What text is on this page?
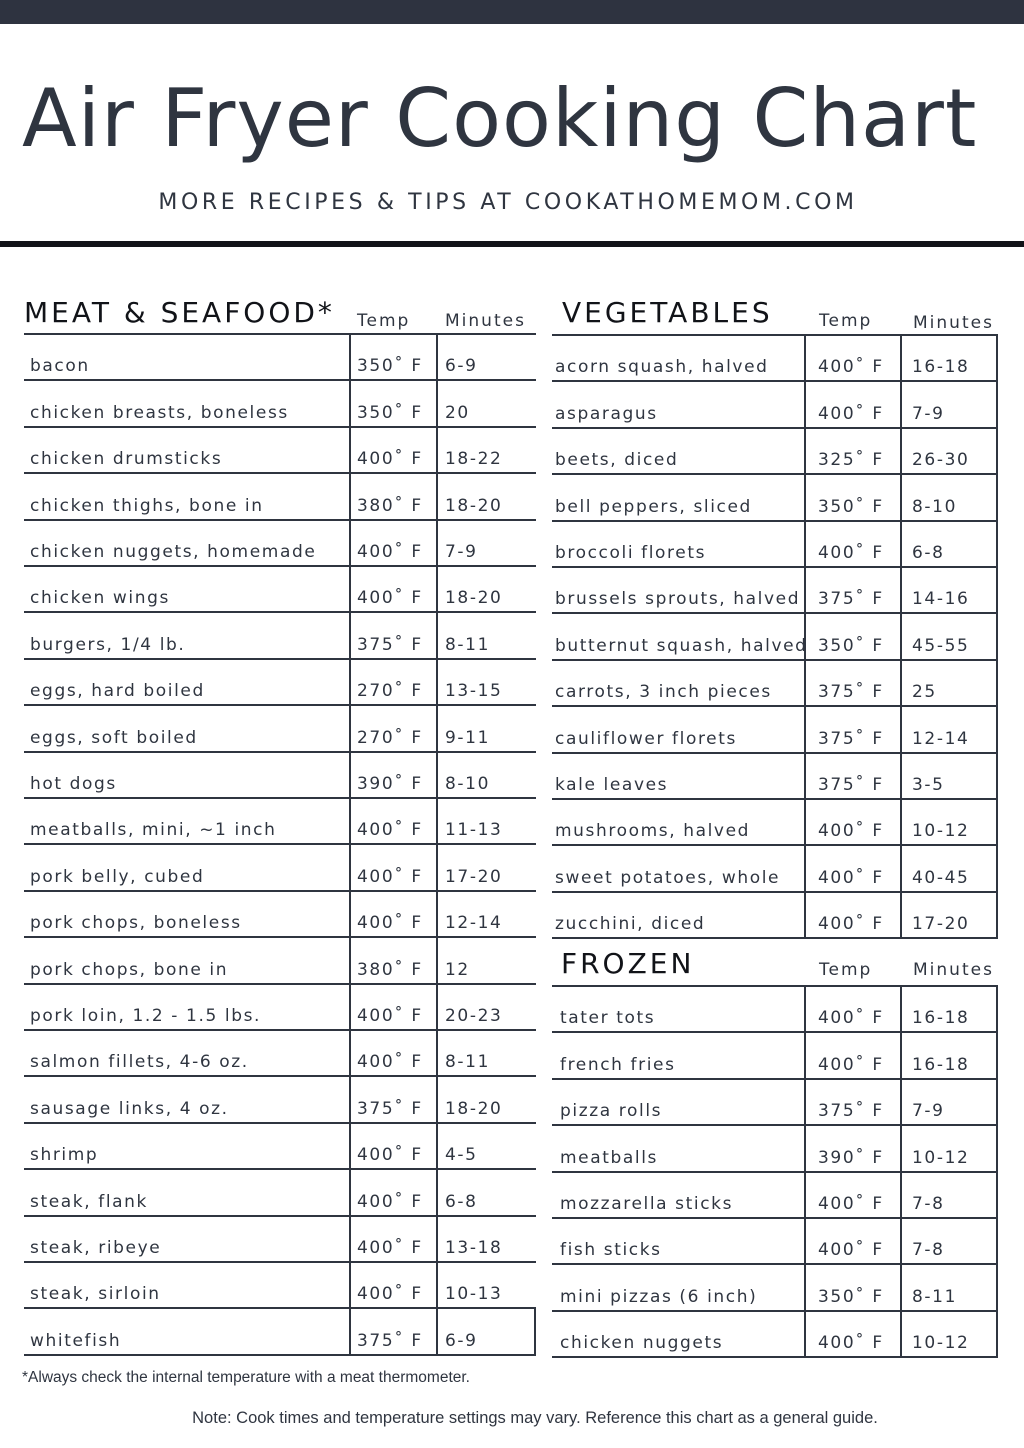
Air Fryer Cooking Chart
MORE RECIPES & TIPS AT COOKATHOMEMOM.COM
MEAT & SEAFOOD* Temp Minutes
bacon	350˚ F 6-9
chicken breasts, boneless	350˚ F 20
chicken drumsticks	400˚ F 18-22
chicken thighs, bone in	380˚ F 18-20
chicken nuggets, homemade 400˚ F 7-9
chicken wings	400˚ F 18-20
burgers, 1/4 lb.	375˚ F 8-11
eggs, hard boiled	270˚ F 13-15
eggs, soft boiled	270˚ F 9-11
hot dogs	390˚ F 8-10
meatballs, mini, ~1 inch	400˚ F 11-13
pork belly, cubed	400˚ F 17-20
pork chops, boneless	400˚ F 12-14
pork chops, bone in	380˚ F 12
pork loin, 1.2 - 1.5 lbs.	400˚ F 20-23
salmon fillets, 4-6 oz.	400˚ F 8-11
sausage links, 4 oz.	375˚ F 18-20
shrimp	400˚ F 4-5
steak, flank	400˚ F 6-8
steak, ribeye	400˚ F 13-18
steak, sirloin	400˚ F 10-13
whitefish	375˚ F 6-9
VEGETABLES	Temp Minutes
acorn squash, halved	400˚ F 16-18
asparagus	400˚ F 7-9
beets, diced	325˚ F 26-30
bell peppers, sliced	350˚ F 8-10
broccoli florets	400˚ F 6-8
brussels sprouts, halved 375˚ F 14-16
butternut squash, halved 350˚ F 45-55
carrots, 3 inch pieces	375˚ F 25
cauliflower florets	375˚ F 12-14
kale leaves	375˚ F 3-5
mushrooms, halved	400˚ F 10-12
sweet potatoes, whole 400˚ F 40-45
zucchini, diced	400˚ F 17-20
FROZEN	Temp Minutes
tater tots	400˚ F 16-18
french fries	400˚ F 16-18
pizza rolls	375˚ F 7-9
meatballs	390˚ F 10-12
mozzarella sticks	400˚ F 7-8
fish sticks	400˚ F 7-8
mini pizzas (6 inch)	350˚ F 8-11
chicken nuggets	400˚ F 10-12
*Always check the internal temperature with a meat thermometer.
Note: Cook times and temperature settings may vary. Reference this chart as a general guide.
